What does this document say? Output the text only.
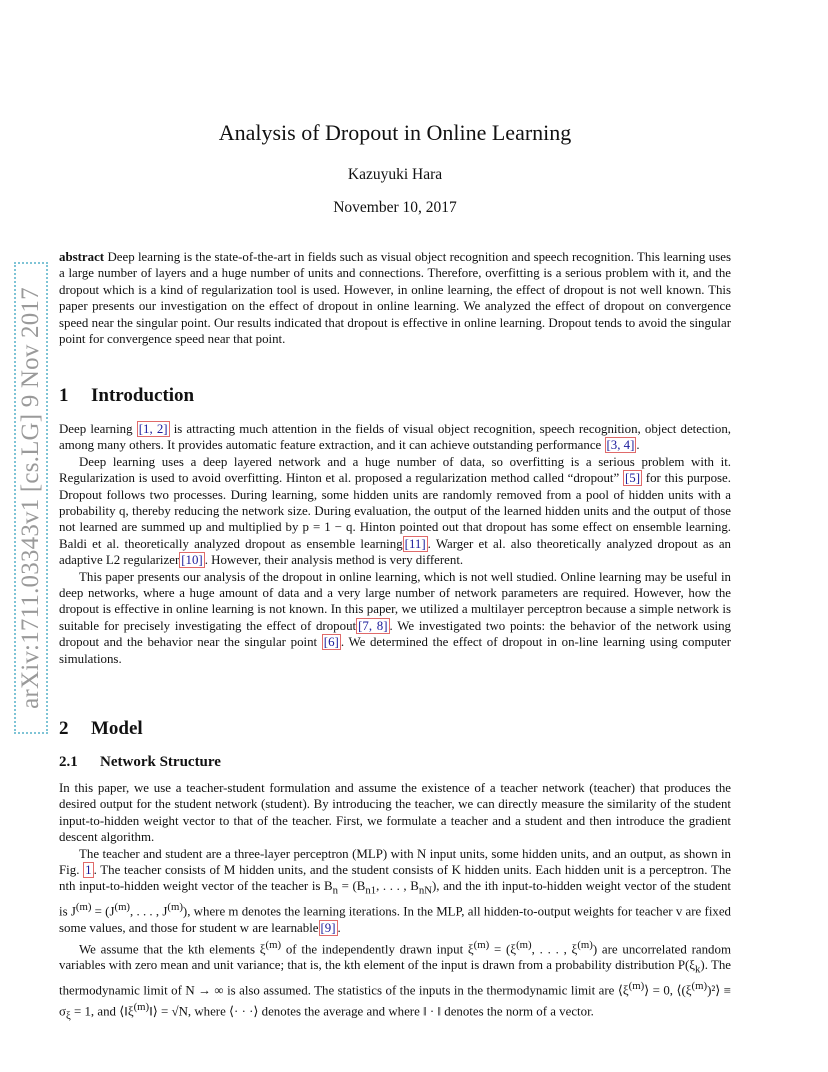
arXiv:1711.03343v1 [cs.LG] 9 Nov 2017
Analysis of Dropout in Online Learning
Kazuyuki Hara
November 10, 2017
abstract Deep learning is the state-of-the-art in fields such as visual object recognition and speech recognition. This learning uses a large number of layers and a huge number of units and connections. Therefore, overfitting is a serious problem with it, and the dropout which is a kind of regularization tool is used. However, in online learning, the effect of dropout is not well known. This paper presents our investigation on the effect of dropout in online learning. We analyzed the effect of dropout on convergence speed near the singular point. Our results indicated that dropout is effective in online learning. Dropout tends to avoid the singular point for convergence speed near that point.
1 Introduction

Deep learning [1, 2] is attracting much attention in the fields of visual object recognition, speech recognition, object detection, among many others. It provides automatic feature extraction, and it can achieve outstanding performance [3, 4] .

Deep learning uses a deep layered network and a huge number of data, so overfitting is a serious problem with it. Regularization is used to avoid overfitting. Hinton et al. proposed a regularization method called “dropout” [5] for this purpose. Dropout follows two processes. During learning, some hidden units are randomly removed from a pool of hidden units with a probability q, thereby reducing the network size. During evaluation, the output of the learned hidden units and the output of those not learned are summed up and multiplied by p = 1 − q. Hinton pointed out that dropout has some effect on ensemble learning. Baldi et al. theoretically analyzed dropout as ensemble learning [11] . Warger et al. also theoretically analyzed dropout as an adaptive L2 regularizer [10] . However, their analysis method is very different.

This paper presents our analysis of the dropout in online learning, which is not well studied. Online learning may be useful in deep networks, where a huge amount of data and a very large number of network parameters are required. However, how the dropout is effective in online learning is not known. In this paper, we utilized a multilayer perceptron because a simple network is suitable for precisely investigating the effect of dropout [7, 8] . We investigated two points: the behavior of the network using dropout and the behavior near the singular point [6] . We determined the effect of dropout in on-line learning using computer simulations.

2 Model
2.1 Network Structure

In this paper, we use a teacher-student formulation and assume the existence of a teacher network (teacher) that produces the desired output for the student network (student). By introducing the teacher, we can directly measure the similarity of the student input-to-hidden weight vector to that of the teacher. First, we formulate a teacher and a student and then introduce the gradient descent algorithm.

The teacher and student are a three-layer perceptron (MLP) with N input units, some hidden units, and an output, as shown in Fig. 1 . The teacher consists of M hidden units, and the student consists of K hidden units. Each hidden unit is a perceptron. The nth input-to-hidden weight vector of the teacher is $B_n = (B_{n1}$, . . . , $B_{nN}$), and the ith input-to-hidden weight vector of the student is $J^{(m)} = (J^{(m)}$, . . . , $J^{(m)}$), where m denotes the learning iterations. In the MLP, all hidden-to-output weights for teacher v are fixed some values, and those for student w are learnable [9] .

We assume that the kth elements $\xi^{(m)}$ of the independently drawn input $\xi^{(m)} = (\xi^{(m)}$, . . . , $\xi^{(m)}$) are uncorrelated random variables with zero mean and unit variance; that is, the kth element of the input is drawn from a probability distribution $P(\xi_k)$. The thermodynamic limit of N → ∞ is also assumed. The statistics of the inputs in the thermodynamic limit are $⟨\xi^{(m)}⟩ = 0$, $⟨(\xi^{(m)})^2⟩ \equiv \sigma_\xi = 1$, and $⟨‖\xi^{(m)}‖⟩ = √N$, where ⟨· · ·⟩ denotes the average and where ‖ · ‖ denotes the norm of a vector.
